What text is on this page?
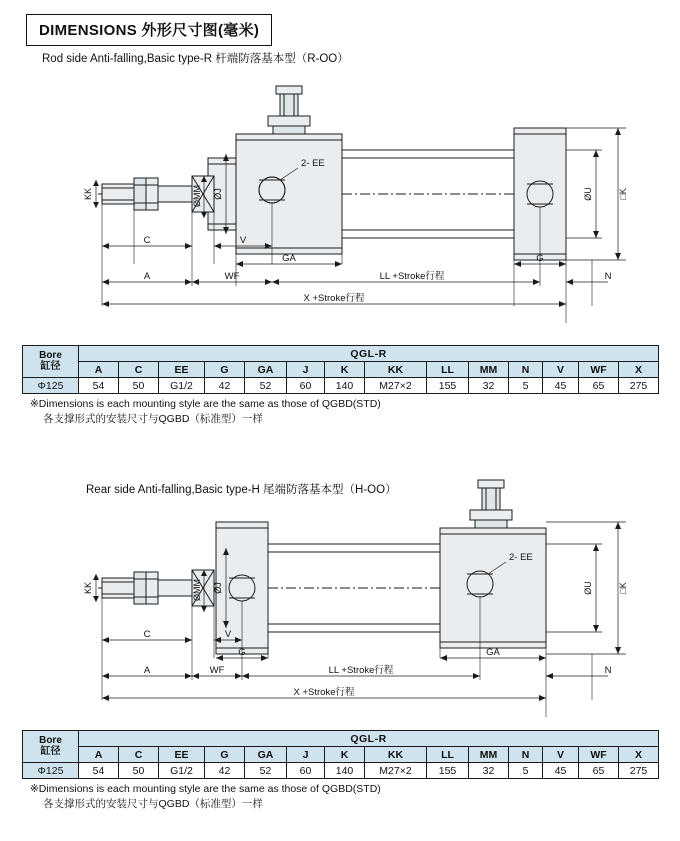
DIMENSIONS 外形尺寸图(毫米)
Rod side Anti-falling,Basic type-R 杆端防落基本型（R-OO）
KK	ØJ
ØMM	ØU	□K
2- EE
C	V
GA	G
A	WF	LL +Stroke行程	N
X +Stroke行程
Bore
缸径	QGL-R													
	A	C	EE	G	GA	J	K	KK	LL	MM	N	V	WF	X
Φ125	54	50	G1/2	42	52	60	140	M27×2	155	32	5	45	65	275
※Dimensions is each mounting style are the same as those of QGBD(STD)
各支撑形式的安装尺寸与QGBD（标准型）一样
Rear side Anti-falling,Basic type-H 尾端防落基本型（H-OO）
KK	ØJ
ØMM	ØU	□K
2- EE
C	V
G	GA
A	WF	LL +Stroke行程	N
X +Stroke行程
Bore
缸径	QGL-R													
	A	C	EE	G	GA	J	K	KK	LL	MM	N	V	WF	X
Φ125	54	50	G1/2	42	52	60	140	M27×2	155	32	5	45	65	275
※Dimensions is each mounting style are the same as those of QGBD(STD)
各支撑形式的安装尺寸与QGBD（标准型）一样
